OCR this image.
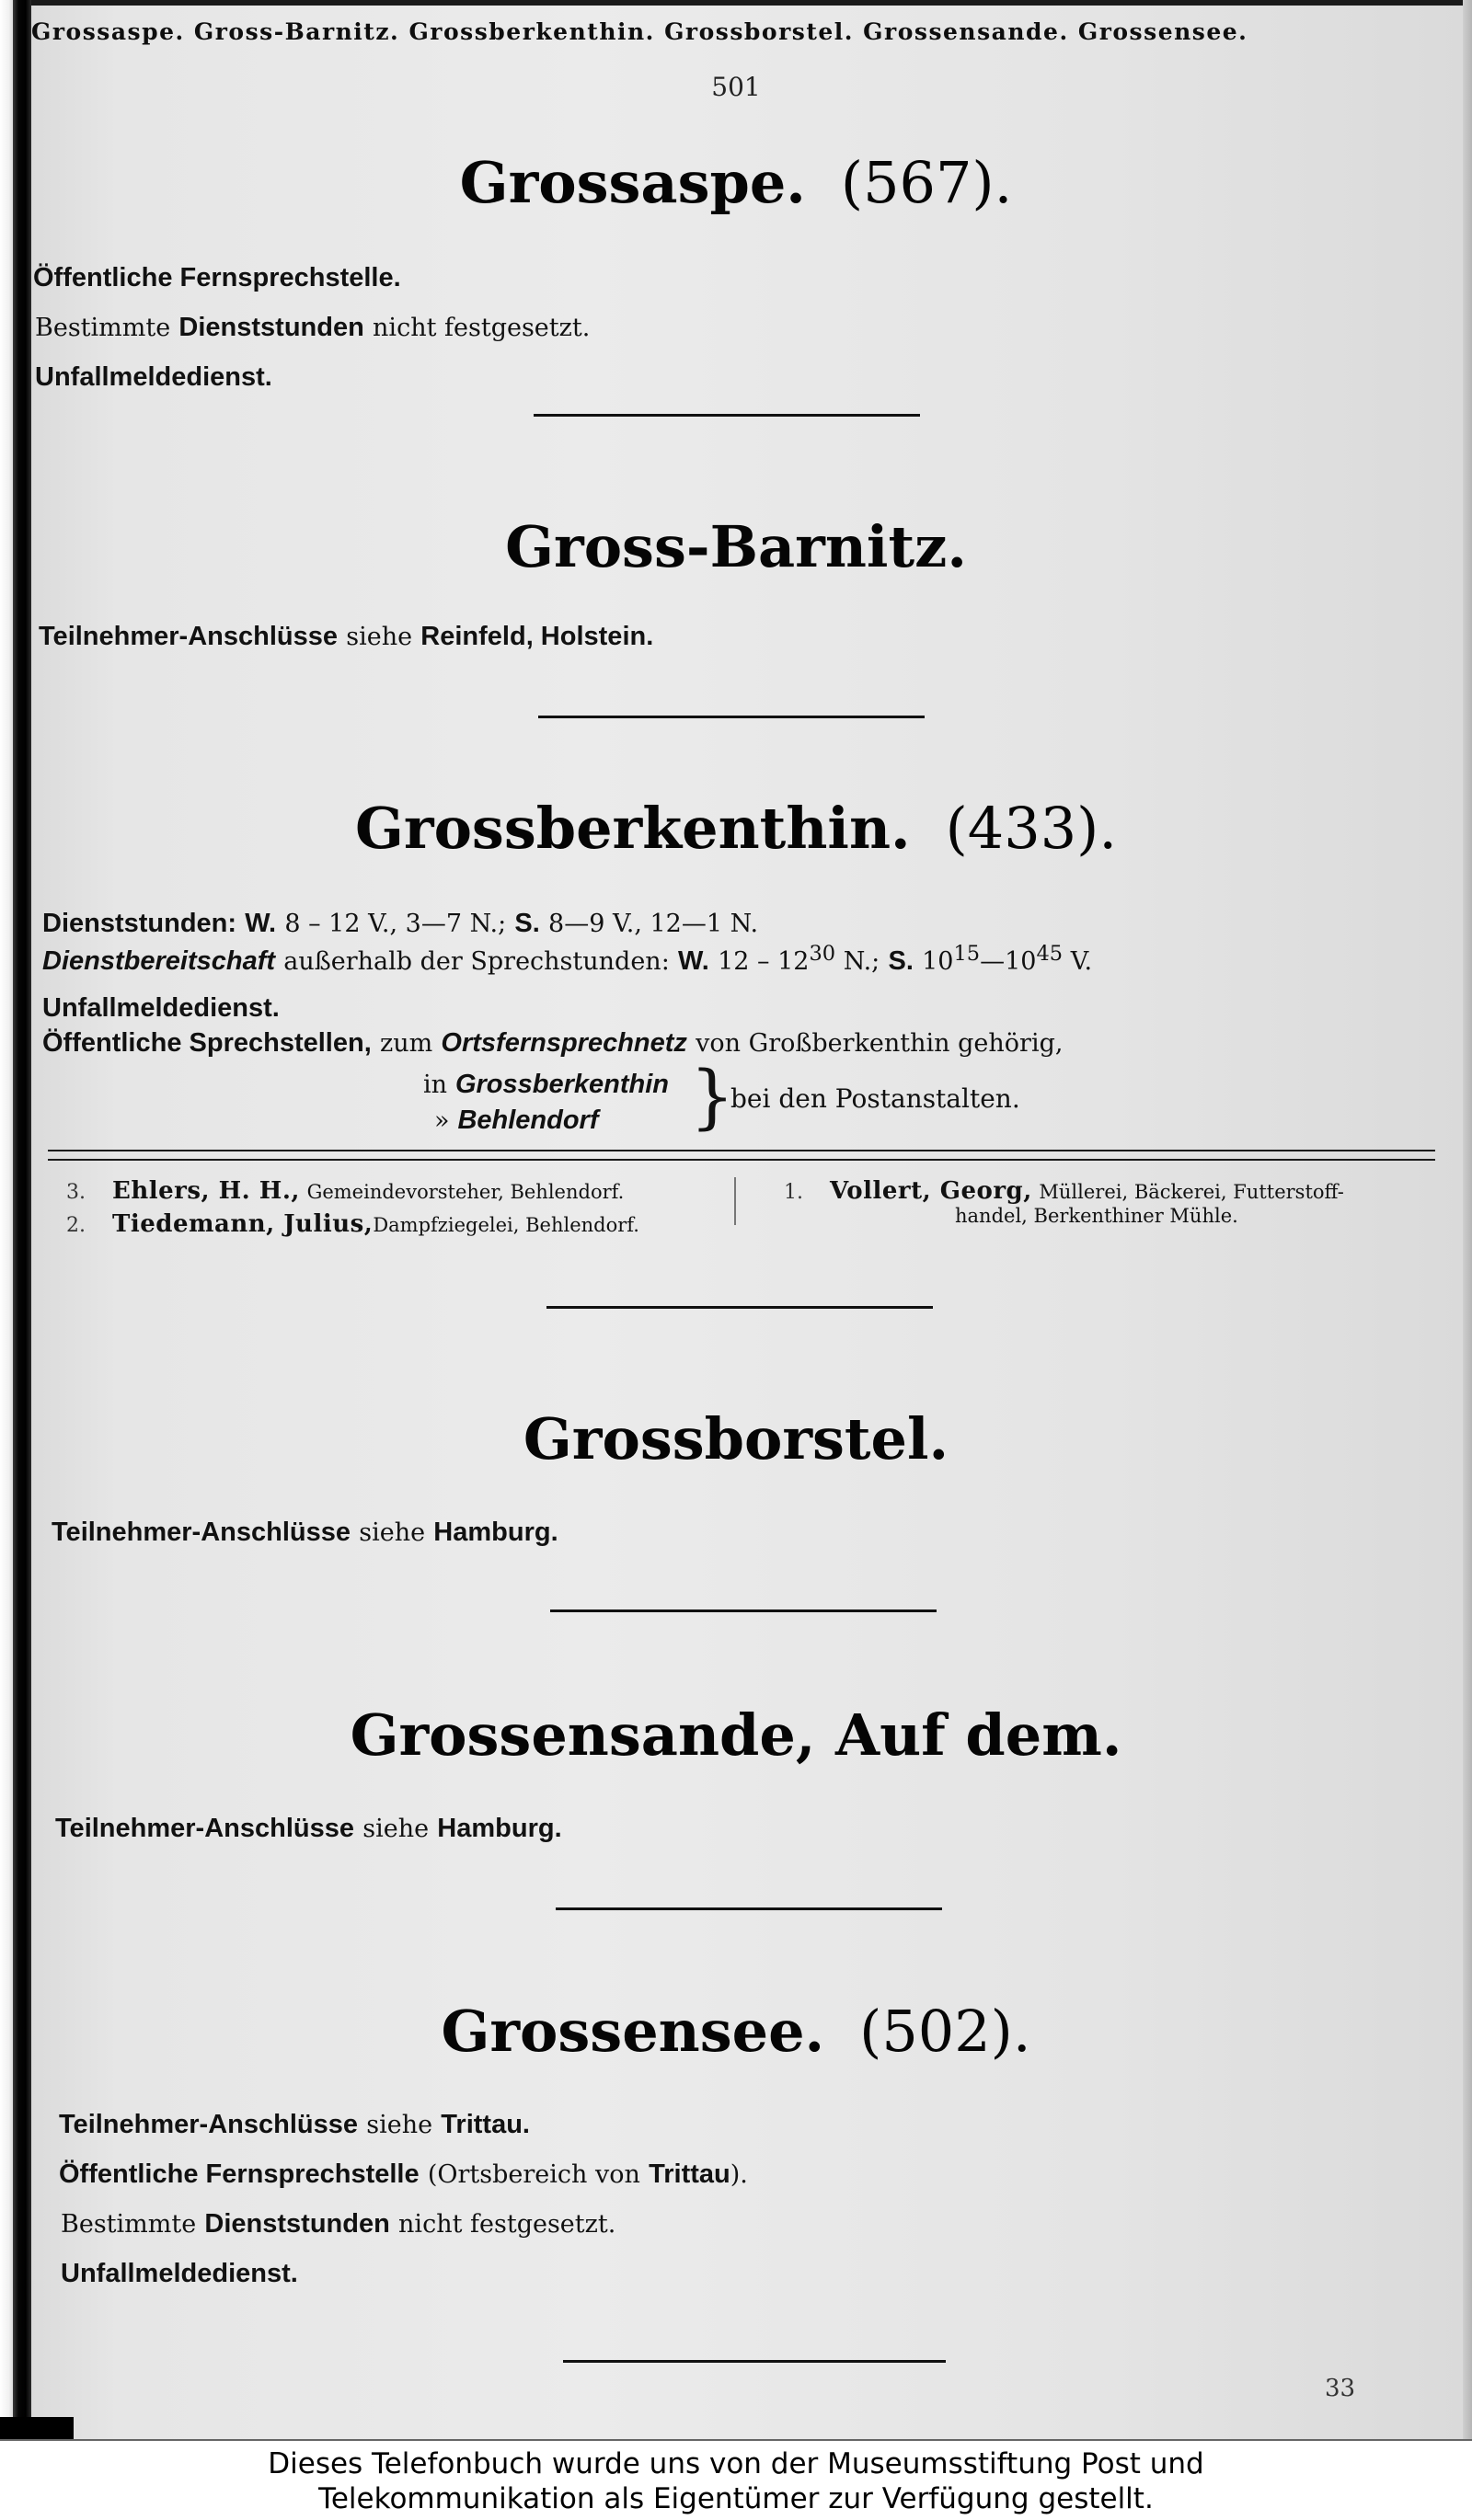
Grossaspe. Gross-Barnitz. Grossberkenthin. Grossborstel. Grossensande. Grossensee.
501
Grossaspe. (567).
Öffentliche Fernsprechstelle.
Bestimmte Dienststunden nicht festgesetzt.
Unfallmeldedienst.
Gross-Barnitz.
Teilnehmer-Anschlüsse siehe Reinfeld, Holstein.
Grossberkenthin. (433).
Dienststunden: W. 8 – 12 V., 3—7 N.; S. 8—9 V., 12—1 N.
Dienstbereitschaft außerhalb der Sprechstunden: W. $12 - 12^{30}$ N.; S. $10^{15}—10^{45}$ V.
Unfallmeldedienst.
Öffentliche Sprechstellen, zum Ortsfernsprechnetz von Großberkenthin gehörig,
in Grossberkenthin
» Behlendorf	}
bei den Postanstalten.
3. Ehlers, H. H., Gemeindevorsteher, Behlendorf.
2. Tiedemann, Julius,Dampfziegelei, Behlendorf.
1. Vollert, Georg, Müllerei, Bäckerei, Futterstoff-
handel, Berkenthiner Mühle.
Grossborstel.
Teilnehmer-Anschlüsse siehe Hamburg.
Grossensande, Auf dem.
Teilnehmer-Anschlüsse siehe Hamburg.
Grossensee. (502).
Teilnehmer-Anschlüsse siehe Trittau.
Öffentliche Fernsprechstelle (Ortsbereich von Trittau).
Bestimmte Dienststunden nicht festgesetzt.
Unfallmeldedienst.
33
Dieses Telefonbuch wurde uns von der Museumsstiftung Post und
Telekommunikation als Eigentümer zur Verfügung gestellt.
